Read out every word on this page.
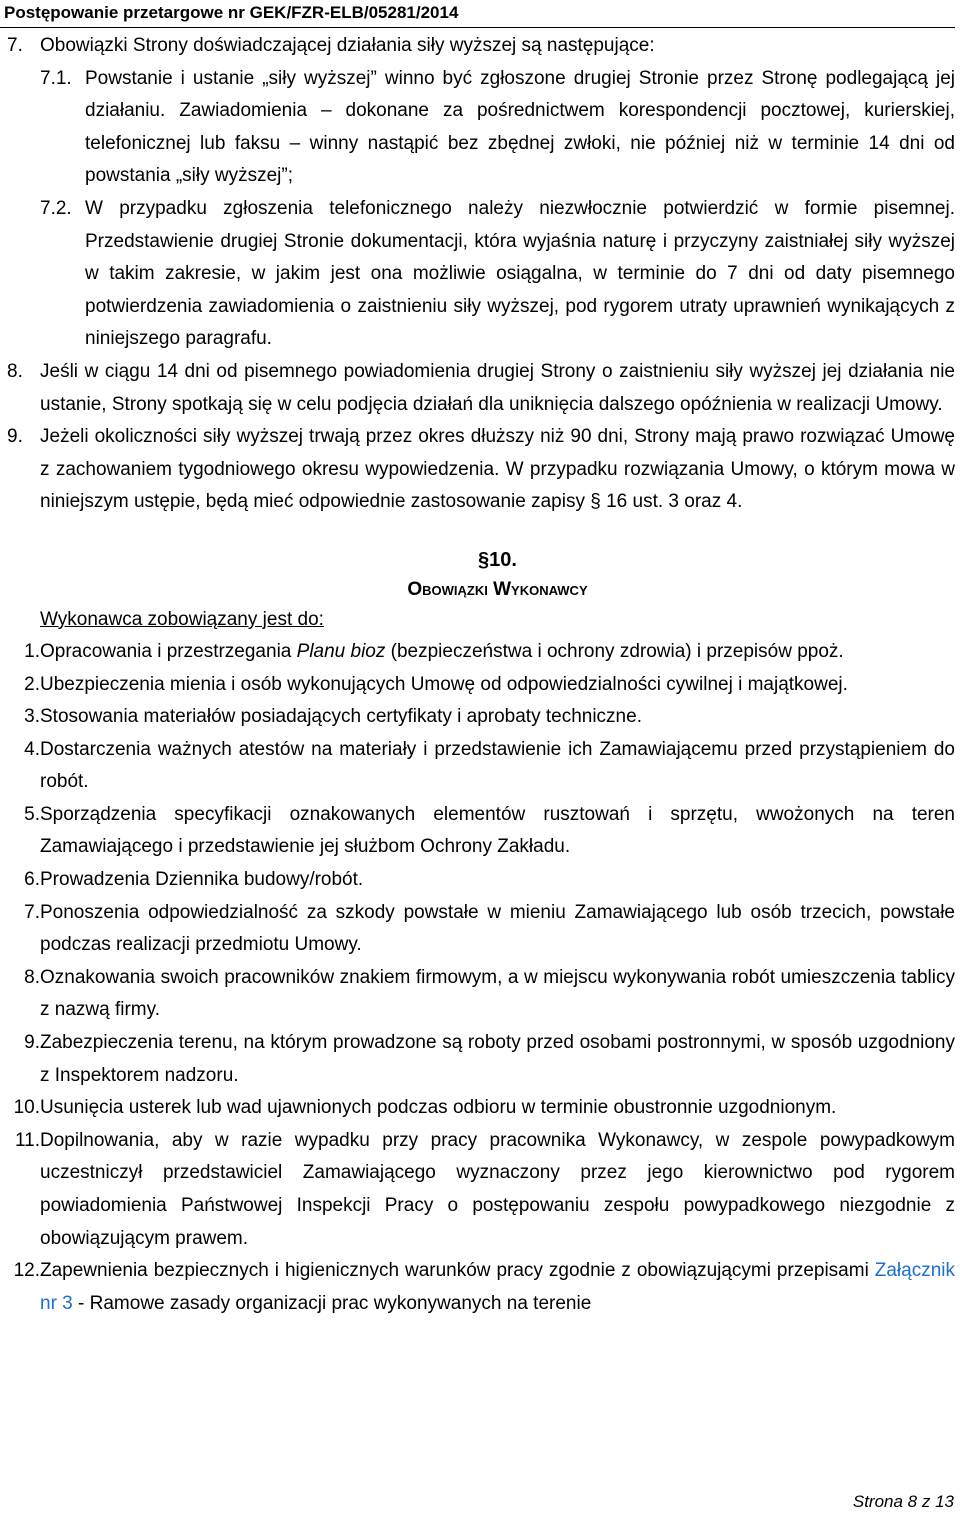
Postępowanie przetargowe nr GEK/FZR-ELB/05281/2014
7. Obowiązki Strony doświadczającej działania siły wyższej są następujące:
7.1. Powstanie i ustanie „siły wyższej” winno być zgłoszone drugiej Stronie przez Stronę podlegającą jej działaniu. Zawiadomienia – dokonane za pośrednictwem korespondencji pocztowej, kurierskiej, telefonicznej lub faksu – winny nastąpić bez zbędnej zwłoki, nie później niż w terminie 14 dni od powstania „siły wyższej”;
7.2. W przypadku zgłoszenia telefonicznego należy niezwłocznie potwierdzić w formie pisemnej. Przedstawienie drugiej Stronie dokumentacji, która wyjaśnia naturę i przyczyny zaistniałej siły wyższej w takim zakresie, w jakim jest ona możliwie osiągalna, w terminie do 7 dni od daty pisemnego potwierdzenia zawiadomienia o zaistnieniu siły wyższej, pod rygorem utraty uprawnień wynikających z niniejszego paragrafu.
8. Jeśli w ciągu 14 dni od pisemnego powiadomienia drugiej Strony o zaistnieniu siły wyższej jej działania nie ustanie, Strony spotkają się w celu podjęcia działań dla uniknięcia dalszego opóźnienia w realizacji Umowy.
9. Jeżeli okoliczności siły wyższej trwają przez okres dłuższy niż 90 dni, Strony mają prawo rozwiązać Umowę z zachowaniem tygodniowego okresu wypowiedzenia. W przypadku rozwiązania Umowy, o którym mowa w niniejszym ustępie, będą mieć odpowiednie zastosowanie zapisy § 16 ust. 3 oraz 4.
§10.
Obowiązki Wykonawcy
Wykonawca zobowiązany jest do:
1. Opracowania i przestrzegania Planu bioz (bezpieczeństwa i ochrony zdrowia) i przepisów ppoż.
2. Ubezpieczenia mienia i osób wykonujących Umowę od odpowiedzialności cywilnej i majątkowej.
3. Stosowania materiałów posiadających certyfikaty i aprobaty techniczne.
4. Dostarczenia ważnych atestów na materiały i przedstawienie ich Zamawiającemu przed przystąpieniem do robót.
5. Sporządzenia specyfikacji oznakowanych elementów rusztowań i sprzętu, wwożonych na teren Zamawiającego i przedstawienie jej służbom Ochrony Zakładu.
6. Prowadzenia Dziennika budowy/robót.
7. Ponoszenia odpowiedzialność za szkody powstałe w mieniu Zamawiającego lub osób trzecich, powstałe podczas realizacji przedmiotu Umowy.
8. Oznakowania swoich pracowników znakiem firmowym, a w miejscu wykonywania robót umieszczenia tablicy z nazwą firmy.
9. Zabezpieczenia terenu, na którym prowadzone są roboty przed osobami postronnymi, w sposób uzgodniony z Inspektorem nadzoru.
10. Usunięcia usterek lub wad ujawnionych podczas odbioru w terminie obustronnie uzgodnionym.
11. Dopilnowania, aby w razie wypadku przy pracy pracownika Wykonawcy, w zespole powypadkowym uczestniczył przedstawiciel Zamawiającego wyznaczony przez jego kierownictwo pod rygorem powiadomienia Państwowej Inspekcji Pracy o postępowaniu zespołu powypadkowego niezgodnie z obowiązującym prawem.
12. Zapewnienia bezpiecznych i higienicznych warunków pracy zgodnie z obowiązującymi przepisami Załącznik nr 3 - Ramowe zasady organizacji prac wykonywanych na terenie
Strona 8 z 13
